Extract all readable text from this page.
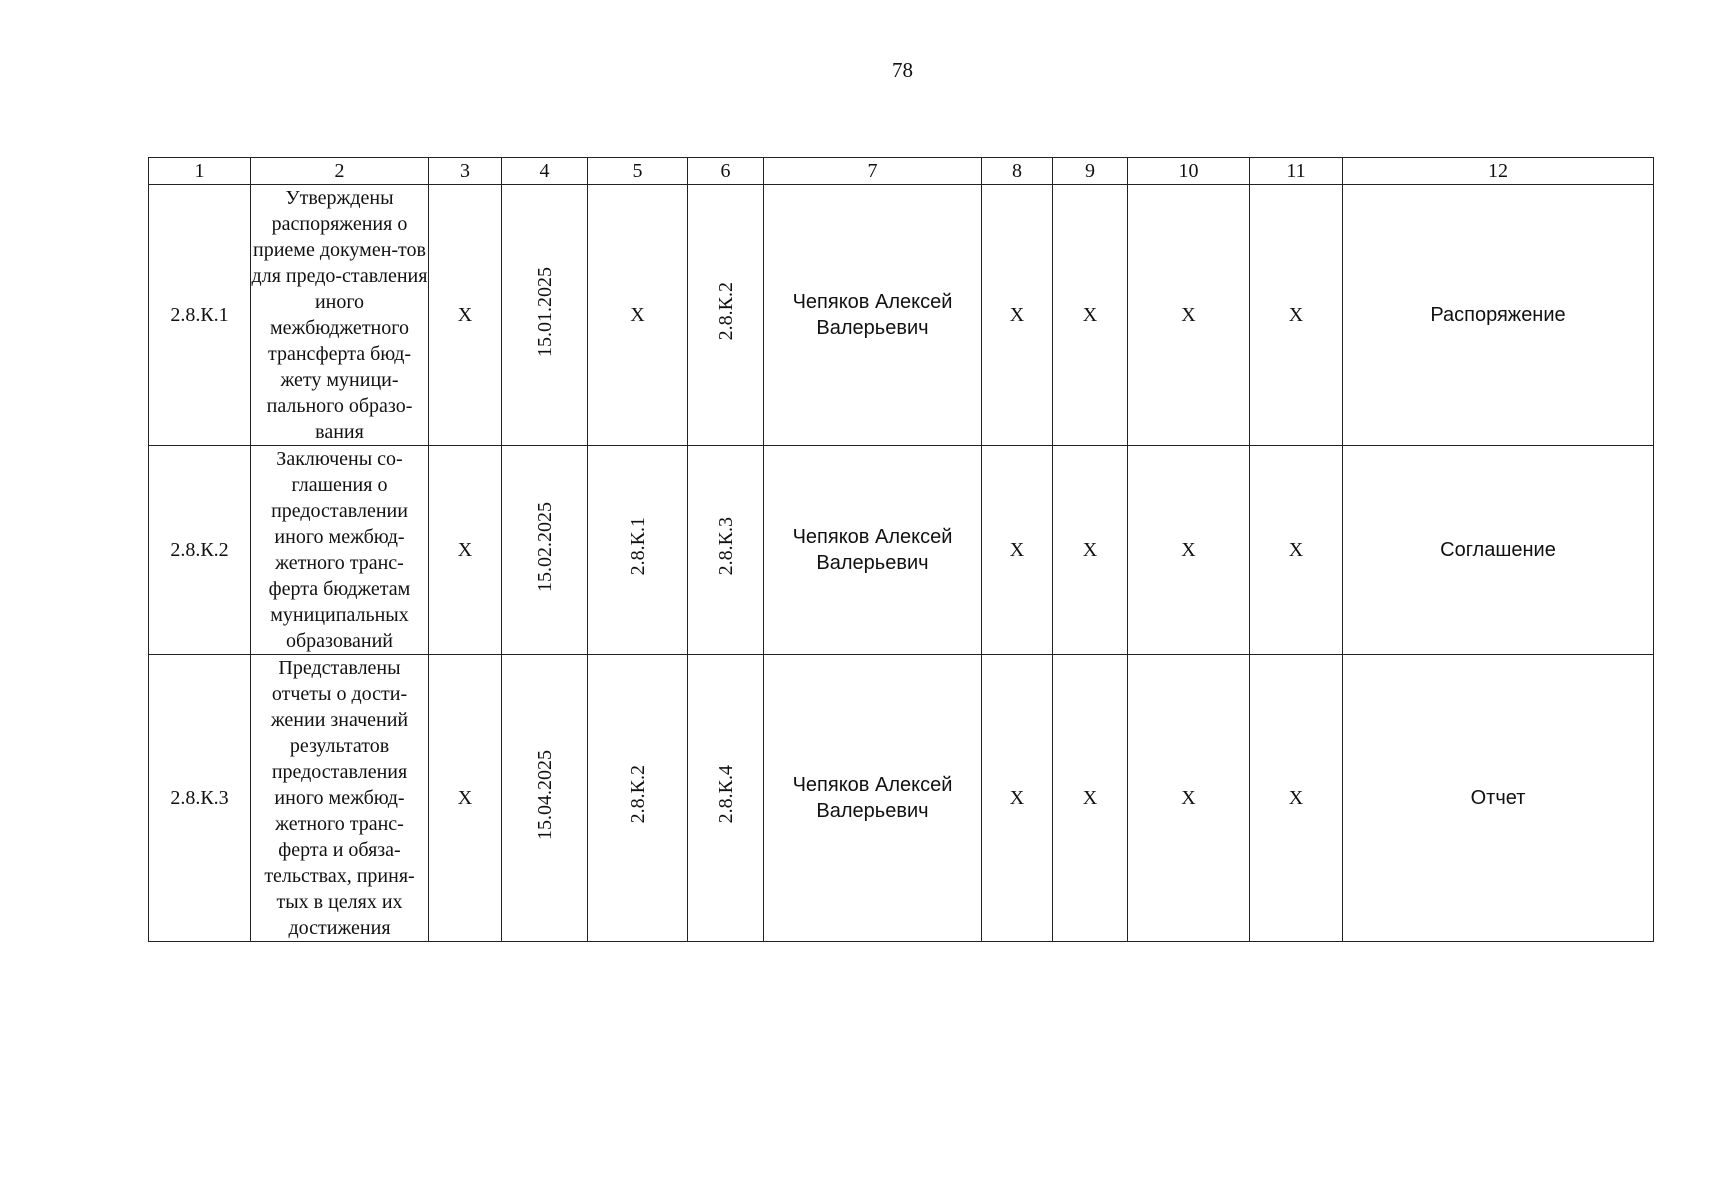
78
1	2	3	4	5	6	7	8	9	10	11	12
2.8.К.1	Утверждены распоряжения о приеме докумен-тов для предо-ставления иного межбюджетного трансферта бюд-жету муници-пального образо-вания	X	15.01.2025	X	2.8.К.2	Чепяков Алексей Валерьевич	X	X	X	X	Распоряжение
2.8.К.2	Заключены со-глашения о предоставлении иного межбюд-жетного транс-ферта бюджетам муниципальных образований	X	15.02.2025	2.8.К.1	2.8.К.3	Чепяков Алексей Валерьевич	X	X	X	X	Соглашение
2.8.К.3	Представлены отчеты о дости-жении значений результатов предоставления иного межбюд-жетного транс-ферта и обяза-тельствах, приня-тых в целях их достижения	X	15.04.2025	2.8.К.2	2.8.К.4	Чепяков Алексей Валерьевич	X	X	X	X	Отчет
